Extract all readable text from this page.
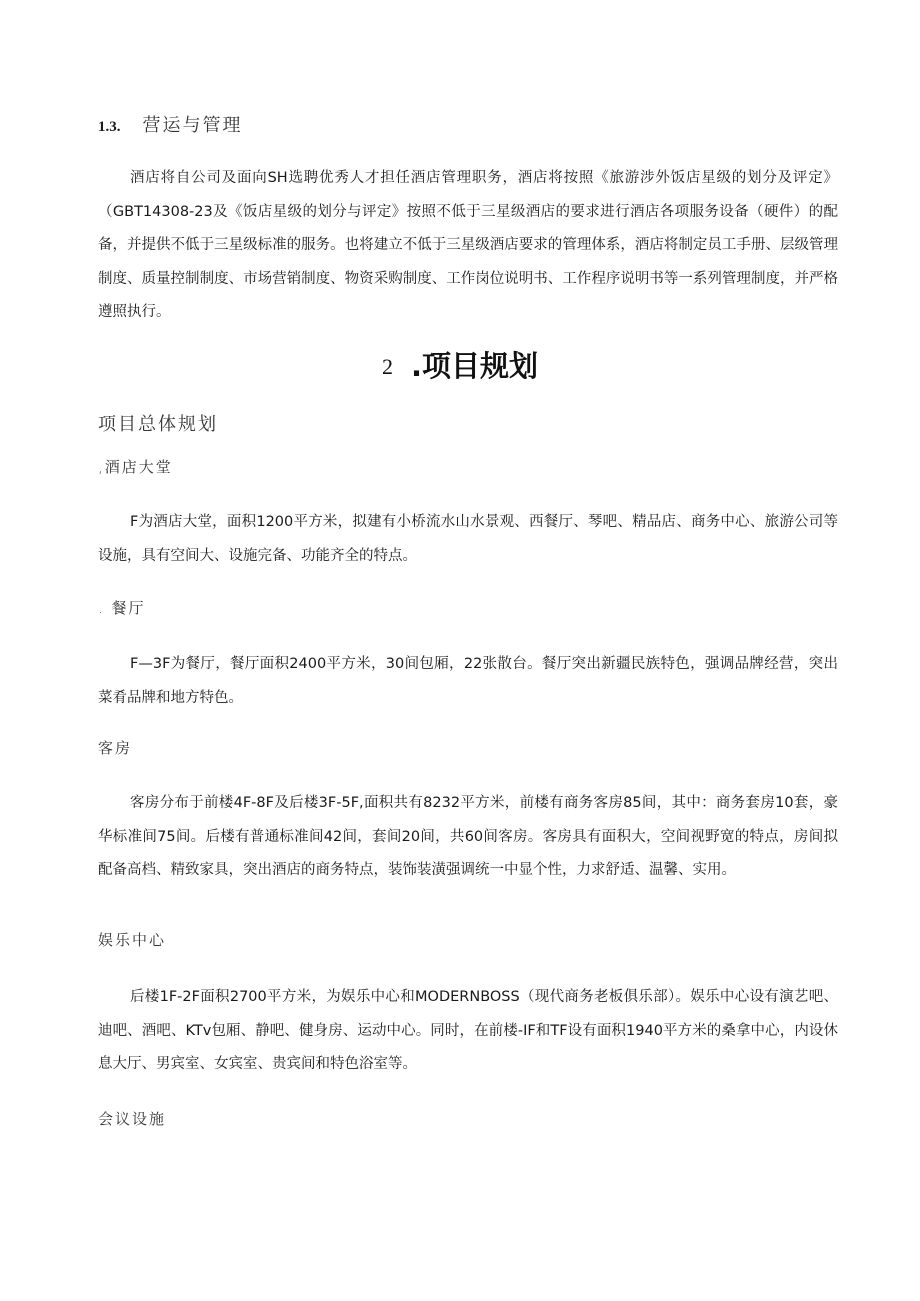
1.3. 营运与管理

酒店将自公司及面向SH选聘优秀人才担任酒店管理职务，酒店将按照《旅游涉外饭店星级的划分及评定》（GBT14308-23及《饭店星级的划分与评定》按照不低于三星级酒店的要求进行酒店各项服务设备（硬件）的配备，并提供不低于三星级标准的服务。也将建立不低于三星级酒店要求的管理体系，酒店将制定员工手册、层级管理制度、质量控制制度、市场营销制度、物资采购制度、工作岗位说明书、工作程序说明书等一系列管理制度，并严格遵照执行。

2 .项目规划
项目总体规划
,酒店大堂

F为酒店大堂，面积1200平方米，拟建有小桥流水山水景观、西餐厅、琴吧、精品店、商务中心、旅游公司等设施，具有空间大、设施完备、功能齐全的特点。

. 餐厅

F—3F为餐厅，餐厅面积2400平方米，30间包厢，22张散台。餐厅突出新疆民族特色，强调品牌经营，突出菜肴品牌和地方特色。

客房

客房分布于前楼4F-8F及后楼3F-5F,面积共有8232平方米，前楼有商务客房85间，其中：商务套房10套，豪华标准间75间。后楼有普通标准间42间，套间20间，共60间客房。客房具有面积大，空间视野宽的特点，房间拟配备高档、精致家具，突出酒店的商务特点，装饰装潢强调统一中显个性，力求舒适、温馨、实用。

娱乐中心

后楼1F-2F面积2700平方米，为娱乐中心和MODERNBOSS（现代商务老板俱乐部）。娱乐中心设有演艺吧、迪吧、酒吧、KTv包厢、静吧、健身房、运动中心。同时，在前楼-IF和TF设有面积1940平方米的桑拿中心，内设休息大厅、男宾室、女宾室、贵宾间和特色浴室等。

会议设施
